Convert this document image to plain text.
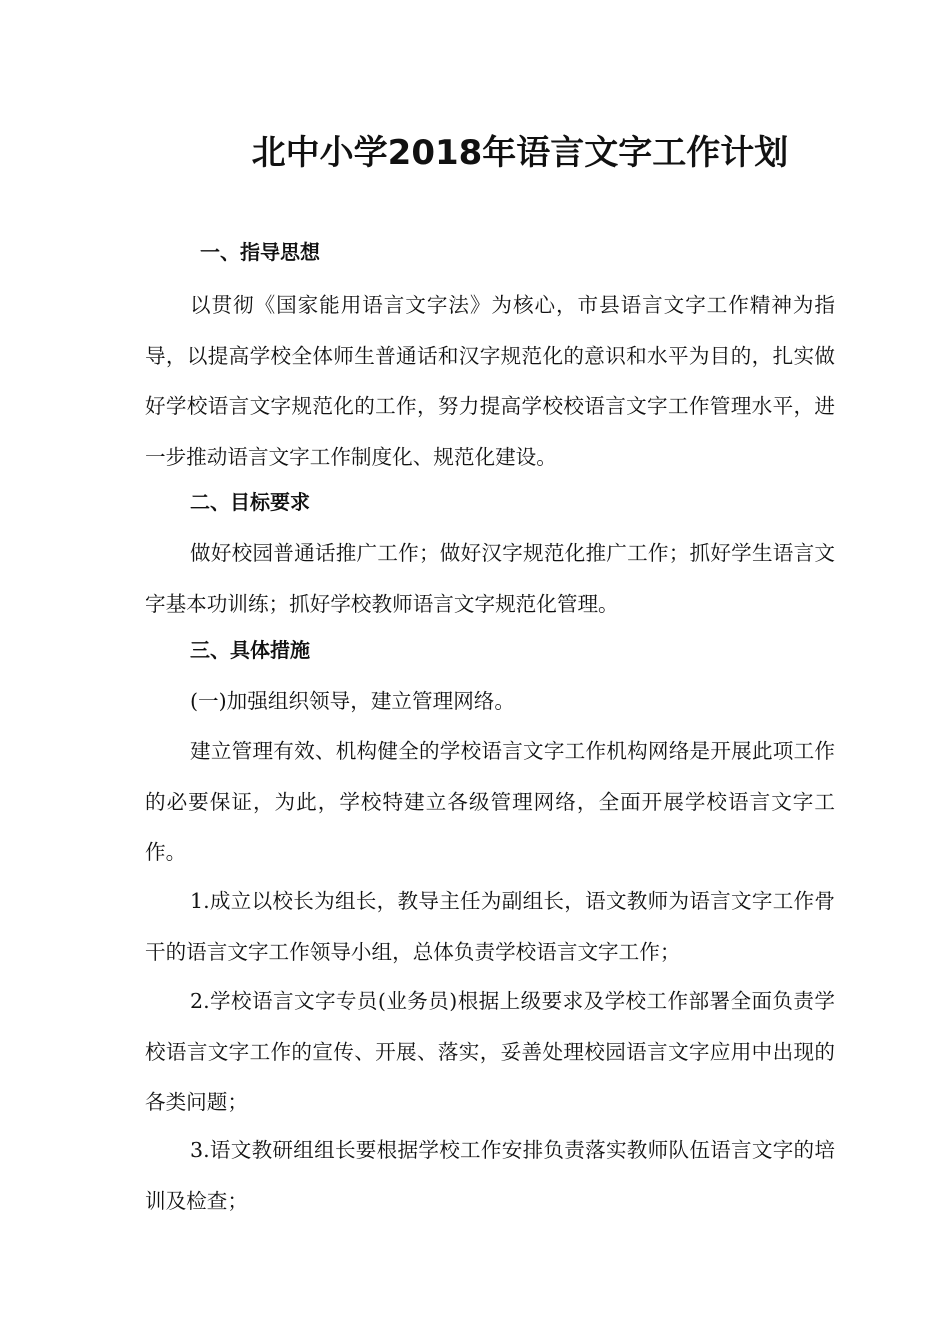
北中小学2018年语言文字工作计划
一、指导思想

以贯彻《国家能用语言文字法》为核心，市县语言文字工作精神为指导，以提高学校全体师生普通话和汉字规范化的意识和水平为目的，扎实做好学校语言文字规范化的工作，努力提高学校校语言文字工作管理水平，进一步推动语言文字工作制度化、规范化建设。

二、目标要求

做好校园普通话推广工作；做好汉字规范化推广工作；抓好学生语言文字基本功训练；抓好学校教师语言文字规范化管理。

三、具体措施

(一)加强组织领导，建立管理网络。

建立管理有效、机构健全的学校语言文字工作机构网络是开展此项工作的必要保证，为此，学校特建立各级管理网络，全面开展学校语言文字工作。

1.成立以校长为组长，教导主任为副组长，语文教师为语言文字工作骨干的语言文字工作领导小组，总体负责学校语言文字工作；

2.学校语言文字专员(业务员)根据上级要求及学校工作部署全面负责学校语言文字工作的宣传、开展、落实，妥善处理校园语言文字应用中出现的各类问题；

3.语文教研组组长要根据学校工作安排负责落实教师队伍语言文字的培训及检查；
